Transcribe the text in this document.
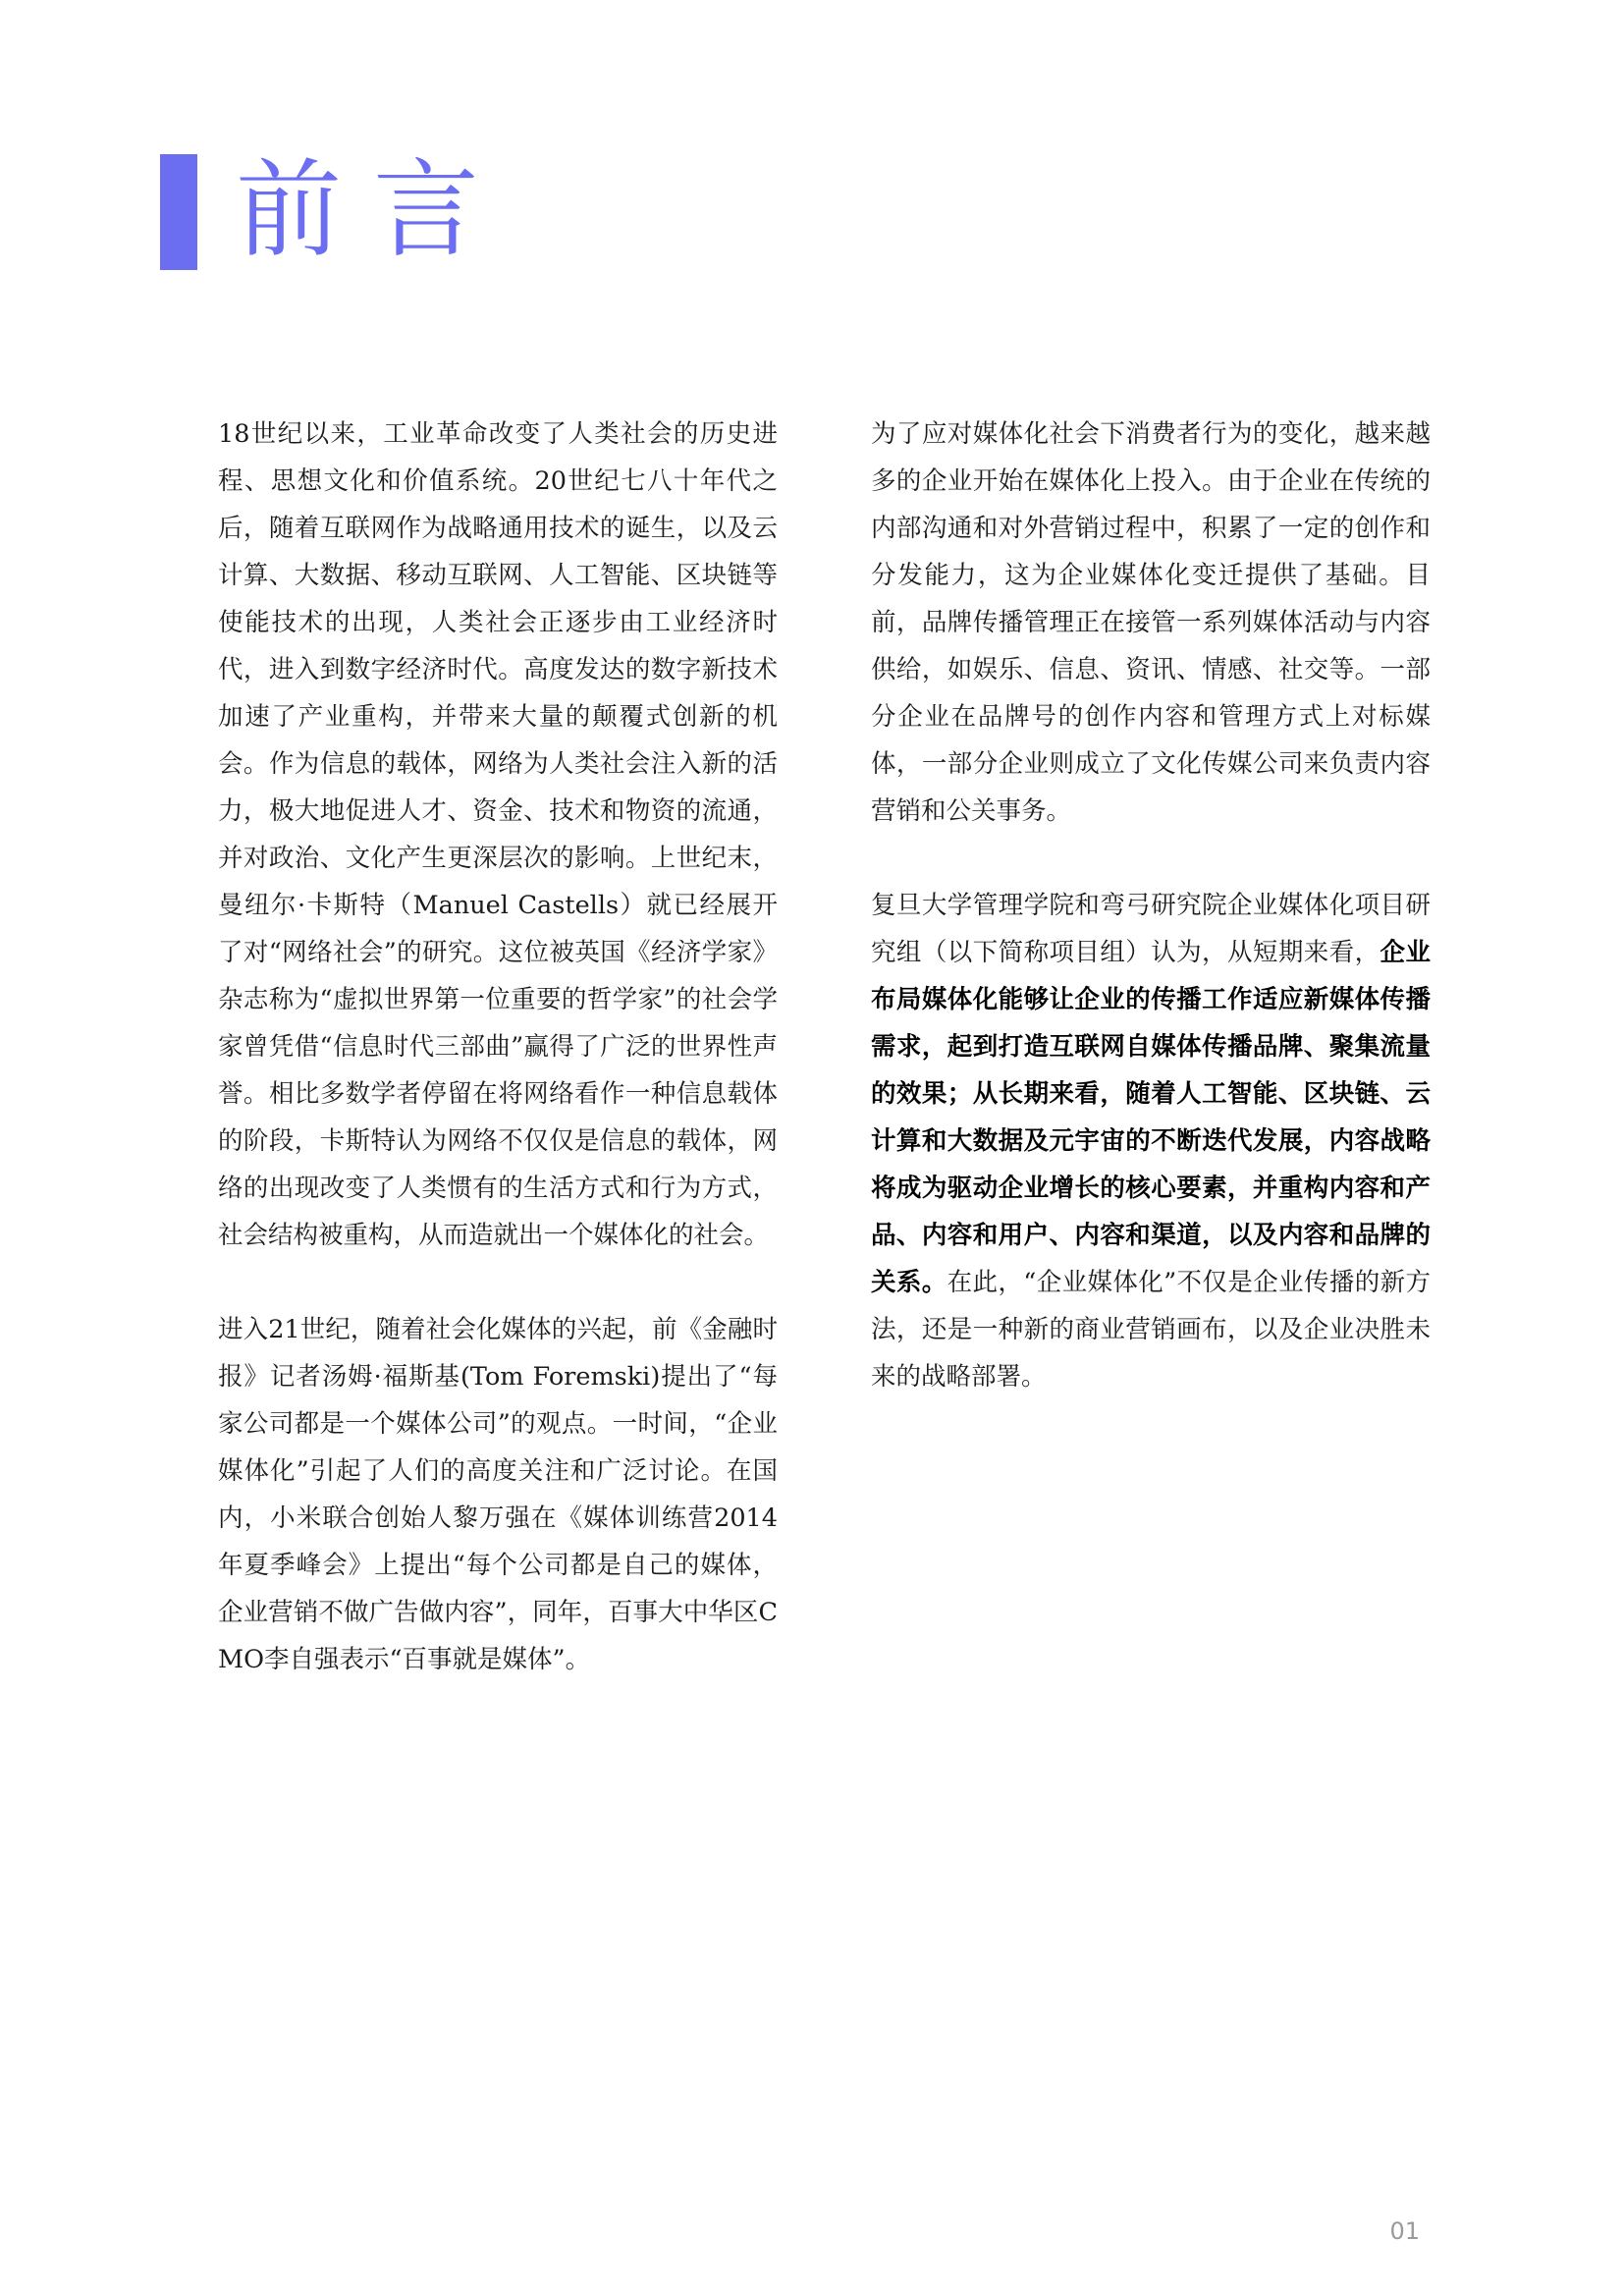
前言

18世纪以来，工业革命改变了人类社会的历史进程、思想文化和价值系统。20世纪七八十年代之后，随着互联网作为战略通用技术的诞生，以及云计算、大数据、移动互联网、人工智能、区块链等使能技术的出现，人类社会正逐步由工业经济时代，进入到数字经济时代。高度发达的数字新技术加速了产业重构，并带来大量的颠覆式创新的机会。作为信息的载体，网络为人类社会注入新的活力，极大地促进人才、资金、技术和物资的流通，并对政治、文化产生更深层次的影响。上世纪末，曼纽尔·卡斯特（Manuel Castells）就已经展开了对“网络社会”的研究。这位被英国《经济学家》杂志称为“虚拟世界第一位重要的哲学家”的社会学家曾凭借“信息时代三部曲”赢得了广泛的世界性声誉。相比多数学者停留在将网络看作一种信息载体的阶段，卡斯特认为网络不仅仅是信息的载体，网络的出现改变了人类惯有的生活方式和行为方式，社会结构被重构，从而造就出一个媒体化的社会。

进入21世纪，随着社会化媒体的兴起，前《金融时报》记者汤姆·福斯基(Tom Foremski)提出了“每家公司都是一个媒体公司”的观点。一时间，“企业媒体化”引起了人们的高度关注和广泛讨论。在国内，小米联合创始人黎万强在《媒体训练营2014年夏季峰会》上提出“每个公司都是自己的媒体，企业营销不做广告做内容”，同年，百事大中华区CMO李自强表示“百事就是媒体”。

为了应对媒体化社会下消费者行为的变化，越来越多的企业开始在媒体化上投入。由于企业在传统的内部沟通和对外营销过程中，积累了一定的创作和分发能力，这为企业媒体化变迁提供了基础。目前，品牌传播管理正在接管一系列媒体活动与内容供给，如娱乐、信息、资讯、情感、社交等。一部分企业在品牌号的创作内容和管理方式上对标媒体，一部分企业则成立了文化传媒公司来负责内容营销和公关事务。

复旦大学管理学院和弯弓研究院企业媒体化项目研究组（以下简称项目组）认为，从短期来看，企业布局媒体化能够让企业的传播工作适应新媒体传播需求，起到打造互联网自媒体传播品牌、聚集流量的效果；从长期来看，随着人工智能、区块链、云计算和大数据及元宇宙的不断迭代发展，内容战略将成为驱动企业增长的核心要素，并重构内容和产品、内容和用户、内容和渠道，以及内容和品牌的关系。在此，“企业媒体化”不仅是企业传播的新方法，还是一种新的商业营销画布，以及企业决胜未来的战略部署。

01
